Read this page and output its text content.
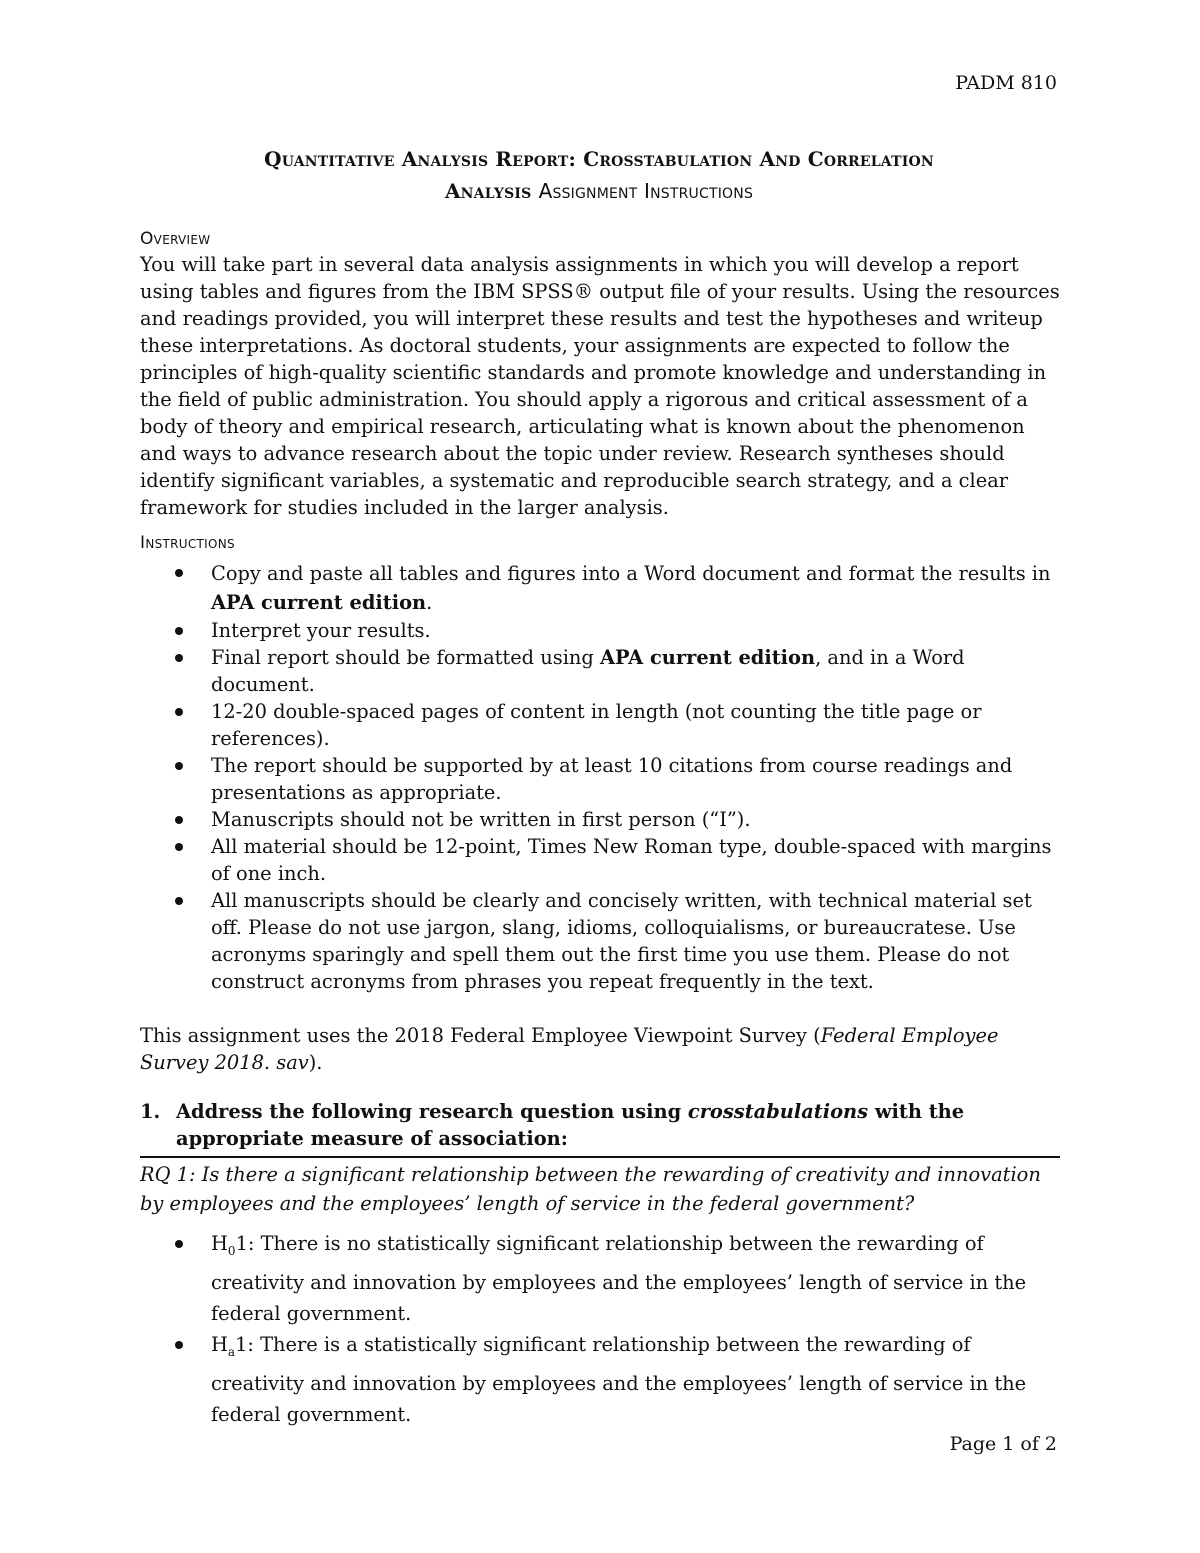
PADM 810
Quantitative Analysis Report: Crosstabulation And Correlation
Analysis Assignment Instructions
Overview

You will take part in several data analysis assignments in which you will develop a report using tables and figures from the IBM SPSS® output file of your results. Using the resources and readings provided, you will interpret these results and test the hypotheses and writeup these interpretations. As doctoral students, your assignments are expected to follow the principles of high-quality scientific standards and promote knowledge and understanding in the field of public administration. You should apply a rigorous and critical assessment of a body of theory and empirical research, articulating what is known about the phenomenon and ways to advance research about the topic under review. Research syntheses should identify significant variables, a systematic and reproducible search strategy, and a clear framework for studies included in the larger analysis.

Instructions
Copy and paste all tables and figures into a Word document and format the results in APA current edition.
Interpret your results.
Final report should be formatted using APA current edition, and in a Word document.
12-20 double-spaced pages of content in length (not counting the title page or references).
The report should be supported by at least 10 citations from course readings and presentations as appropriate.
Manuscripts should not be written in first person (“I”).
All material should be 12-point, Times New Roman type, double-spaced with margins of one inch.
All manuscripts should be clearly and concisely written, with technical material set off. Please do not use jargon, slang, idioms, colloquialisms, or bureaucratese. Use acronyms sparingly and spell them out the first time you use them. Please do not construct acronyms from phrases you repeat frequently in the text.

This assignment uses the 2018 Federal Employee Viewpoint Survey (Federal Employee Survey 2018. sav).

1. Address the following research question using crosstabulations with the appropriate measure of association:

RQ 1: Is there a significant relationship between the rewarding of creativity and innovation by employees and the employees’ length of service in the federal government?

$H_01$: There is no statistically significant relationship between the rewarding of creativity and innovation by employees and the employees’ length of service in the federal government.
$H_a1$: There is a statistically significant relationship between the rewarding of creativity and innovation by employees and the employees’ length of service in the federal government.
Page 1 of 2
